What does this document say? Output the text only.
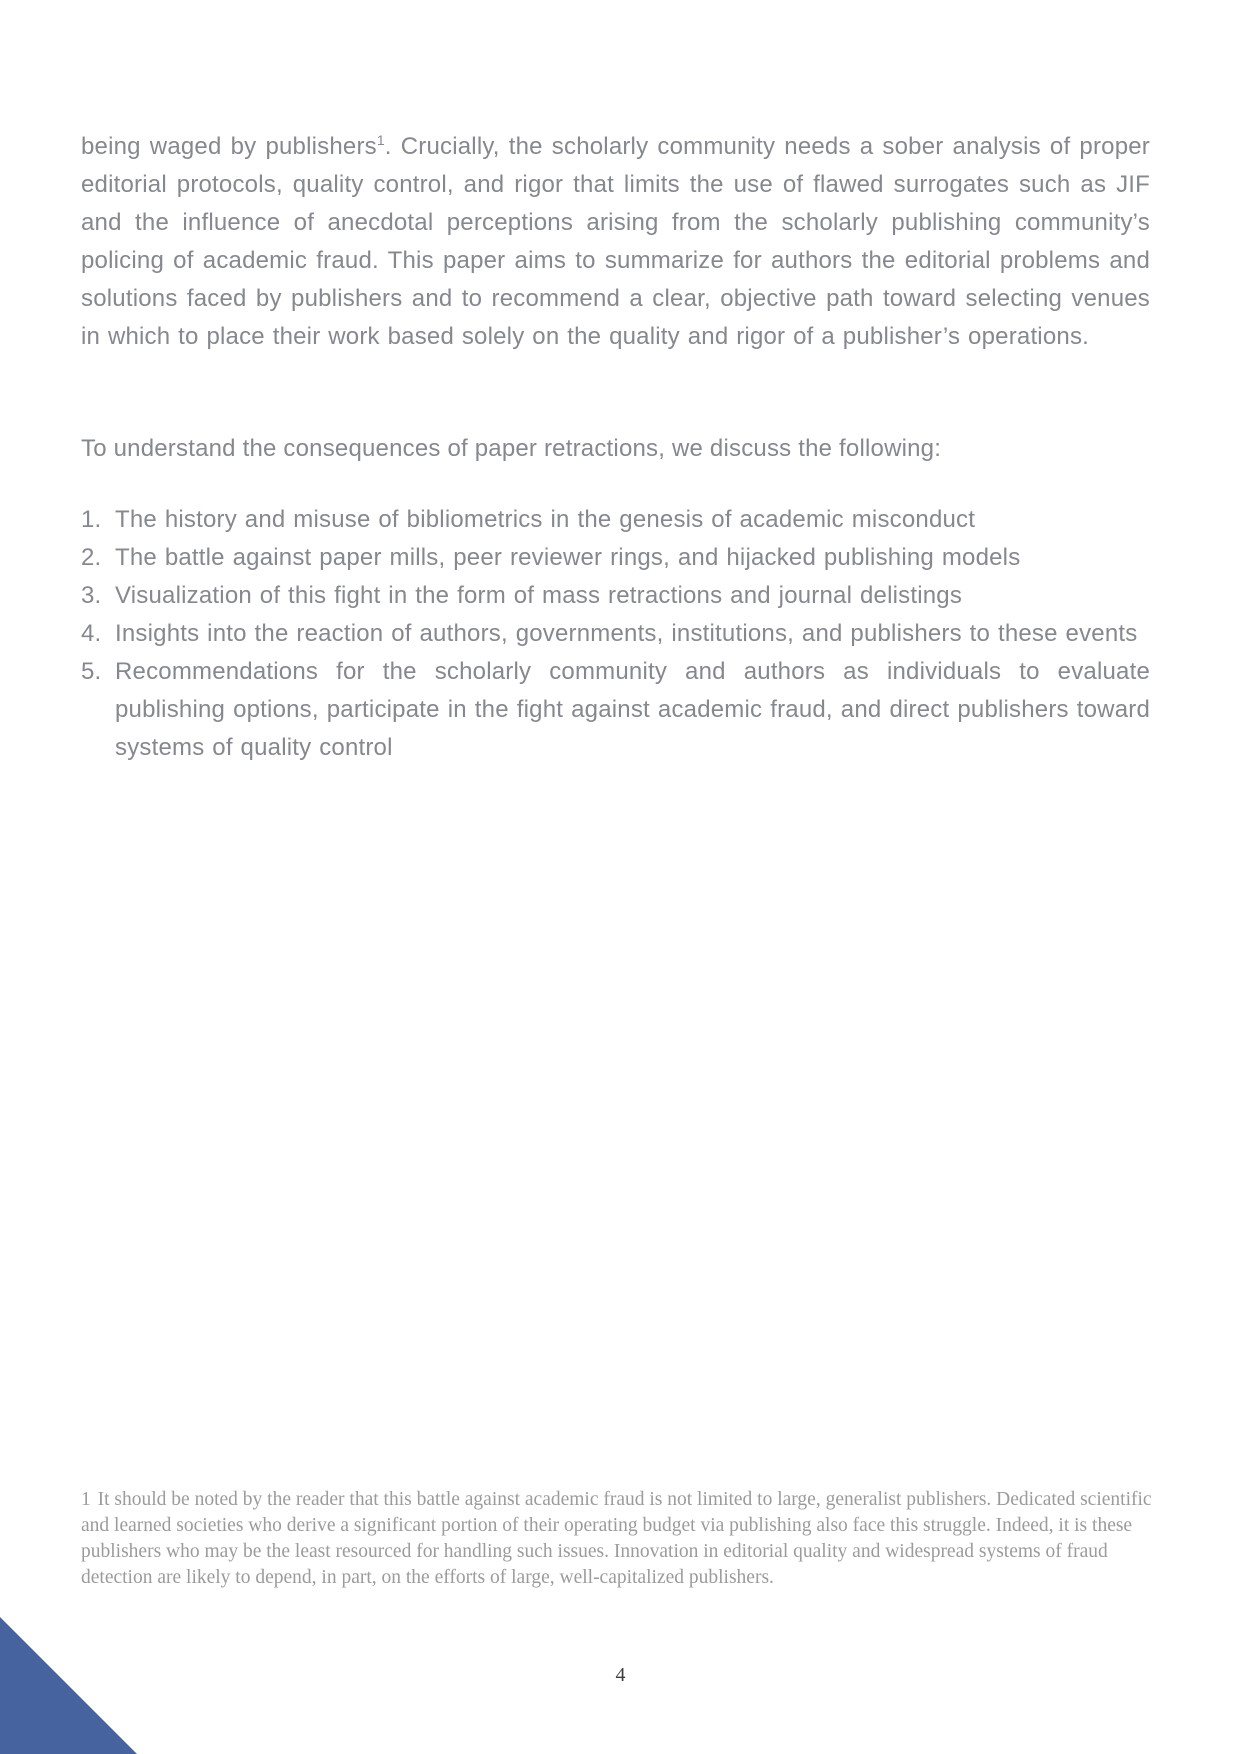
being waged by publishers$^1$. Crucially, the scholarly community needs a sober analysis of proper editorial protocols, quality control, and rigor that limits the use of flawed surrogates such as JIF and the influence of anecdotal perceptions arising from the scholarly publishing community’s policing of academic fraud. This paper aims to summarize for authors the editorial problems and solutions faced by publishers and to recommend a clear, objective path toward selecting venues in which to place their work based solely on the quality and rigor of a publisher’s operations.

To understand the consequences of paper retractions, we discuss the following:

1. The history and misuse of bibliometrics in the genesis of academic misconduct
2. The battle against paper mills, peer reviewer rings, and hijacked publishing models
3. Visualization of this fight in the form of mass retractions and journal delistings
4. Insights into the reaction of authors, governments, institutions, and publishers to these events
5. Recommendations for the scholarly community and authors as individuals to evaluate publishing options, participate in the fight against academic fraud, and direct publishers toward systems of quality control

1 It should be noted by the reader that this battle against academic fraud is not limited to large, generalist publishers. Dedicated scientific and learned societies who derive a significant portion of their operating budget via publishing also face this struggle. Indeed, it is these publishers who may be the least resourced for handling such issues. Innovation in editorial quality and widespread systems of fraud detection are likely to depend, in part, on the efforts of large, well-capitalized publishers.

4
